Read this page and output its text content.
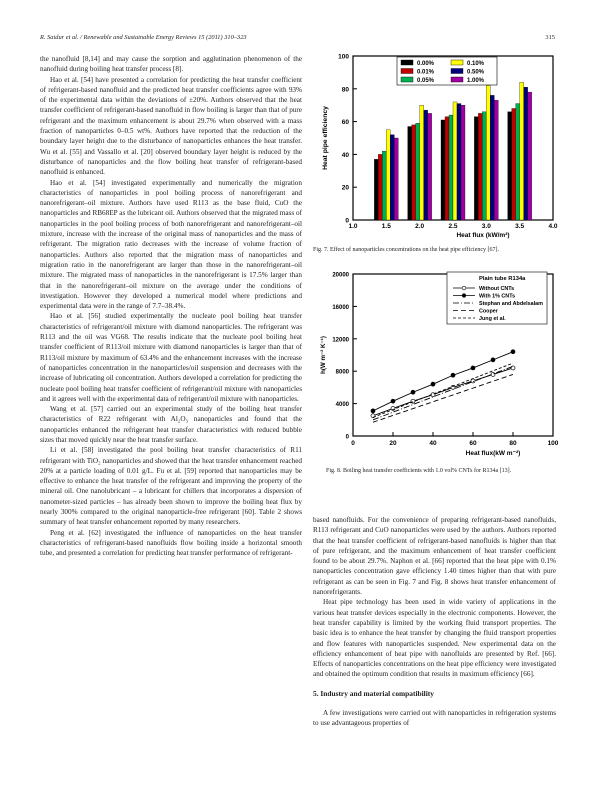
R. Saidur et al. / Renewable and Sustainable Energy Reviews 15 (2011) 310–323	315

the nanofluid [8,14] and may cause the sorption and agglutination phenomenon of the nanofluid during boiling heat transfer process [8].

Hao et al. [54] have presented a correlation for predicting the heat transfer coefficient of refrigerant-based nanofluid and the predicted heat transfer coefficients agree with 93% of the experimental data within the deviations of ±20%. Authors observed that the heat transfer coefficient of refrigerant-based nanofluid in flow boiling is larger than that of pure refrigerant and the maximum enhancement is about 29.7% when observed with a mass fraction of nanoparticles 0–0.5 wt%. Authors have reported that the reduction of the boundary layer height due to the disturbance of nanoparticles enhances the heat transfer. Wu et al. [55] and Vassallo et al. [20] observed boundary layer height is reduced by the disturbance of nanoparticles and the flow boiling heat transfer of refrigerant-based nanofluid is enhanced.

Hao et al. [54] investigated experimentally and numerically the migration characteristics of nanoparticles in pool boiling process of nanorefrigerant and nanorefrigerant–oil mixture. Authors have used R113 as the base fluid, CuO the nanoparticles and RB68EP as the lubricant oil. Authors observed that the migrated mass of nanoparticles in the pool boiling process of both nanorefrigerant and nanorefrigerant–oil mixture, increase with the increase of the original mass of nanoparticles and the mass of refrigerant. The migration ratio decreases with the increase of volume fraction of nanoparticles. Authors also reported that the migration mass of nanoparticles and migration ratio in the nanorefrigerant are larger than those in the nanorefrigerant–oil mixture. The migrated mass of nanoparticles in the nanorefrigerant is 17.5% larger than that in the nanorefrigerant–oil mixture on the average under the conditions of investigation. However they developed a numerical model where predictions and experimental data were in the range of 7.7–38.4%.

Hao et al. [56] studied experimentally the nucleate pool boiling heat transfer characteristics of refrigerant/oil mixture with diamond nanoparticles. The refrigerant was R113 and the oil was VG68. The results indicate that the nucleate pool boiling heat transfer coefficient of R113/oil mixture with diamond nanoparticles is larger than that of R113/oil mixture by maximum of 63.4% and the enhancement increases with the increase of nanoparticles concentration in the nanoparticles/oil suspension and decreases with the increase of lubricating oil concentration. Authors developed a correlation for predicting the nucleate pool boiling heat transfer coefficient of refrigerant/oil mixture with nanoparticles and it agrees well with the experimental data of refrigerant/oil mixture with nanoparticles.

Wang et al. [57] carried out an experimental study of the boiling heat transfer characteristics of R22 refrigerant with Al₂O₃ nanoparticles and found that the nanoparticles enhanced the refrigerant heat transfer characteristics with reduced bubble sizes that moved quickly near the heat transfer surface.

Li et al. [58] investigated the pool boiling heat transfer characteristics of R11 refrigerant with TiO₂ nanoparticles and showed that the heat transfer enhancement reached 20% at a particle loading of 0.01 g/L. Fu et al. [59] reported that nanoparticles may be effective to enhance the heat transfer of the refrigerant and improving the property of the mineral oil. One nanolubricant – a lubricant for chillers that incorporates a dispersion of nanometer-sized particles – has already been shown to improve the boiling heat flux by nearly 300% compared to the original nanoparticle-free refrigerant [60]. Table 2 shows summary of heat transfer enhancement reported by many researchers.

Peng et al. [62] investigated the influence of nanoparticles on the heat transfer characteristics of refrigerant-based nanofluids flow boiling inside a horizontal smooth tube, and presented a correlation for predicting heat transfer performance of refrigerant-

0
20
40
60
80
100
1.0	1.5	2.0	2.5	3.0	3.5	4.0
Heat flux (kW/m²)
Heat pipe efficiency
0.00%
0.01%
0.05%
0.10%
0.50%
1.00%
Fig. 7. Effect of nanoparticles concentrations on the heat pipe efficiency [67].
0
4000
8000
12000
16000
20000
0	20	40	60	80	100
Heat flux(kW m⁻²)
h(W m⁻² K⁻¹)
Plain tube R134a
Without CNTs
With 1% CNTs
Stephan and Abdelsalam
Cooper
Jung et al.
Fig. 8. Boiling heat transfer coefficients with 1.0 vol% CNTs for R134a [13].

based nanofluids. For the convenience of preparing refrigerant-based nanofluids, R113 refrigerant and CuO nanoparticles were used by the authors. Authors reported that the heat transfer coefficient of refrigerant-based nanofluids is higher than that of pure refrigerant, and the maximum enhancement of heat transfer coefficient found to be about 29.7%. Naphon et al. [66] reported that the heat pipe with 0.1% nanoparticles concentration gave efficiency 1.40 times higher than that with pure refrigerant as can be seen in Fig. 7 and Fig. 8 shows heat transfer enhancement of nanorefrigerants.

Heat pipe technology has been used in wide variety of applications in the various heat transfer devices especially in the electronic components. However, the heat transfer capability is limited by the working fluid transport properties. The basic idea is to enhance the heat transfer by changing the fluid transport properties and flow features with nanoparticles suspended. New experimental data on the efficiency enhancement of heat pipe with nanofluids are presented by Ref. [66]. Effects of nanoparticles concentrations on the heat pipe efficiency were investigated and obtained the optimum condition that results in maximum efficiency [66].

5. Industry and material compatibility

A few investigations were carried out with nanoparticles in refrigeration systems to use advantageous properties of
